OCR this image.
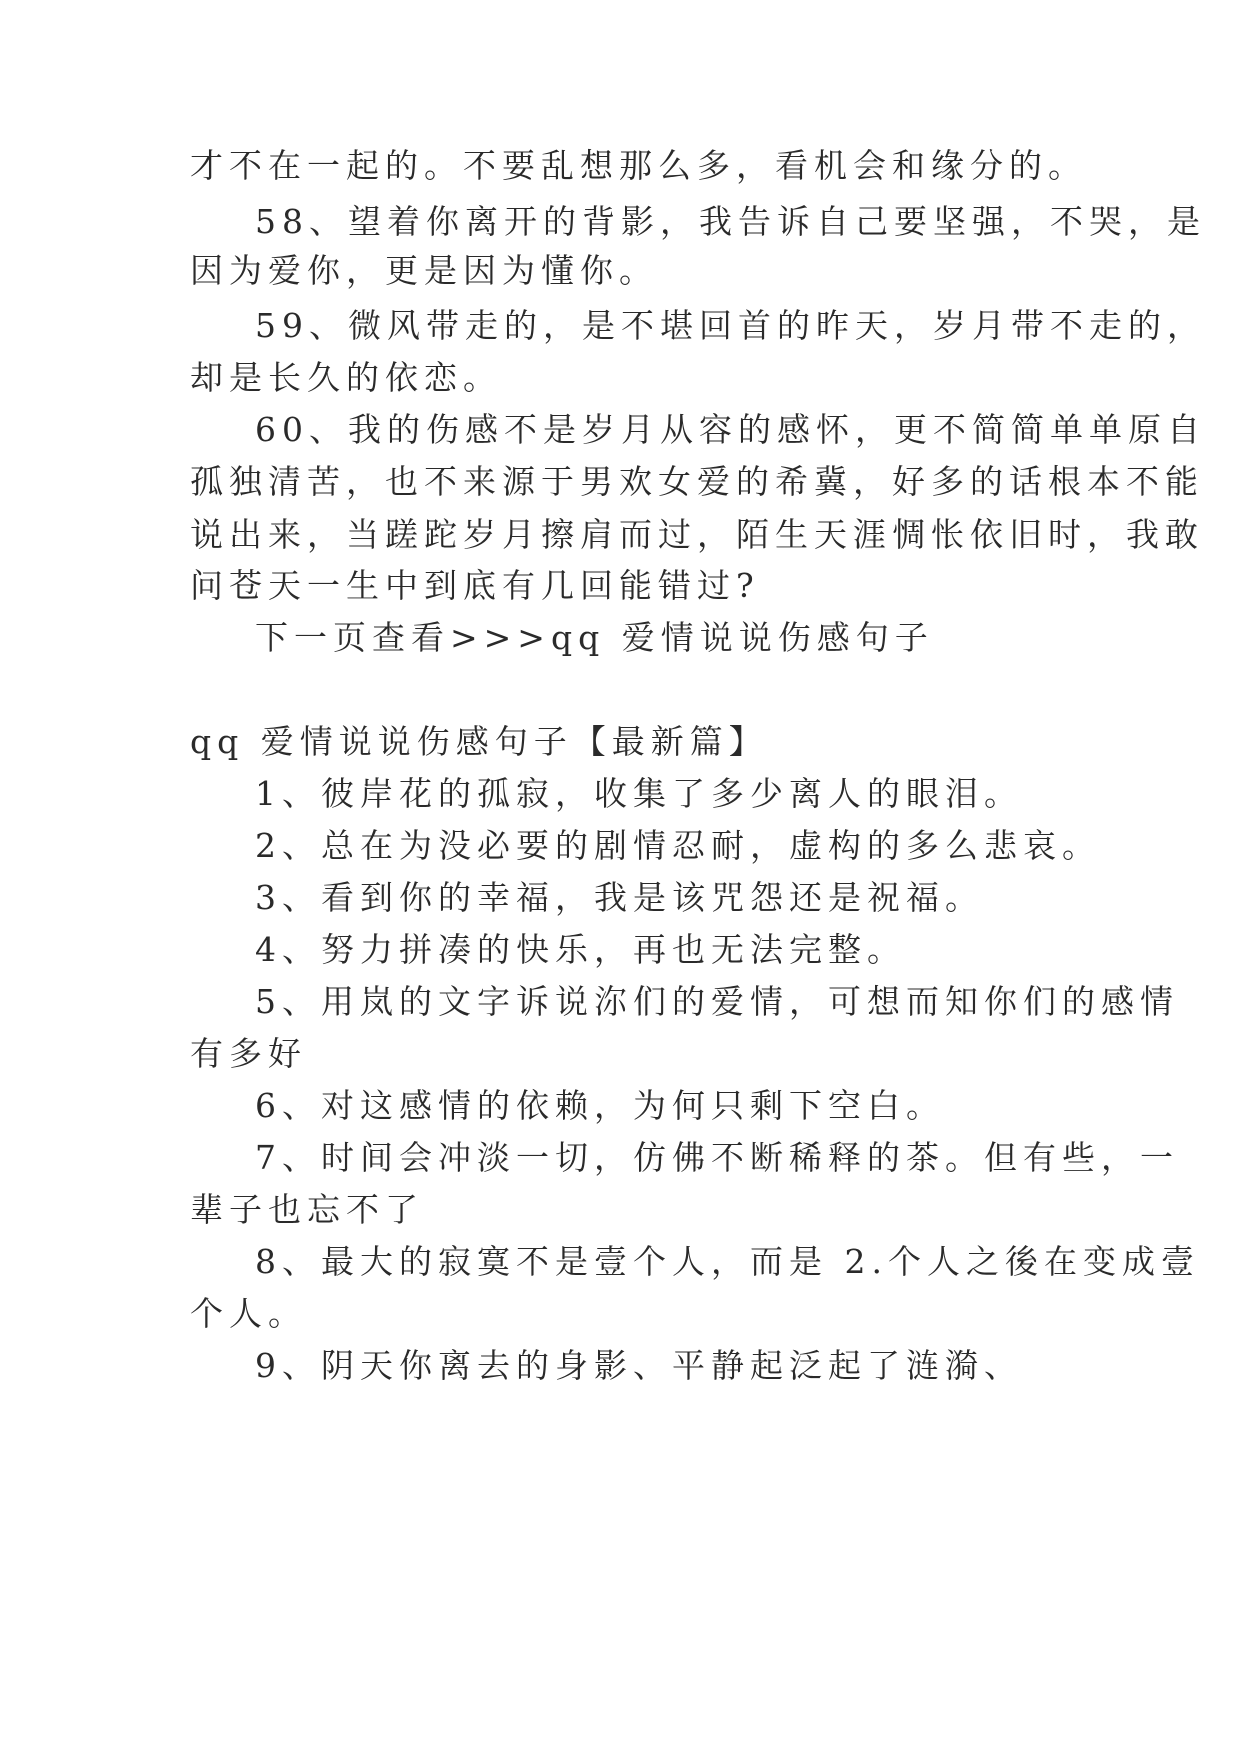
才不在一起的。不要乱想那么多，看机会和缘分的。
58、望着你离开的背影，我告诉自己要坚强，不哭，是
因为爱你，更是因为懂你。
59、微风带走的，是不堪回首的昨天，岁月带不走的，
却是长久的依恋。
60、我的伤感不是岁月从容的感怀，更不简简单单原自
孤独清苦，也不来源于男欢女爱的希冀，好多的话根本不能
说出来，当蹉跎岁月擦肩而过，陌生天涯惆怅依旧时，我敢
问苍天一生中到底有几回能错过?
下一页查看>>>qq 爱情说说伤感句子
qq 爱情说说伤感句子【最新篇】
1、彼岸花的孤寂，收集了多少离人的眼泪。
2、总在为没必要的剧情忍耐，虚构的多么悲哀。
3、看到你的幸福，我是该咒怨还是祝福。
4、努力拼凑的快乐，再也无法完整。
5、用岚的文字诉说沵们的爱情，可想而知你们的感情
有多好
6、对这感情的依赖，为何只剩下空白。
7、时间会冲淡一切，仿佛不断稀释的茶。但有些，一
辈子也忘不了
8、最大的寂寞不是壹个人，而是 2.个人之後在变成壹
个人。
9、阴天你离去的身影、平静起泛起了涟漪、
